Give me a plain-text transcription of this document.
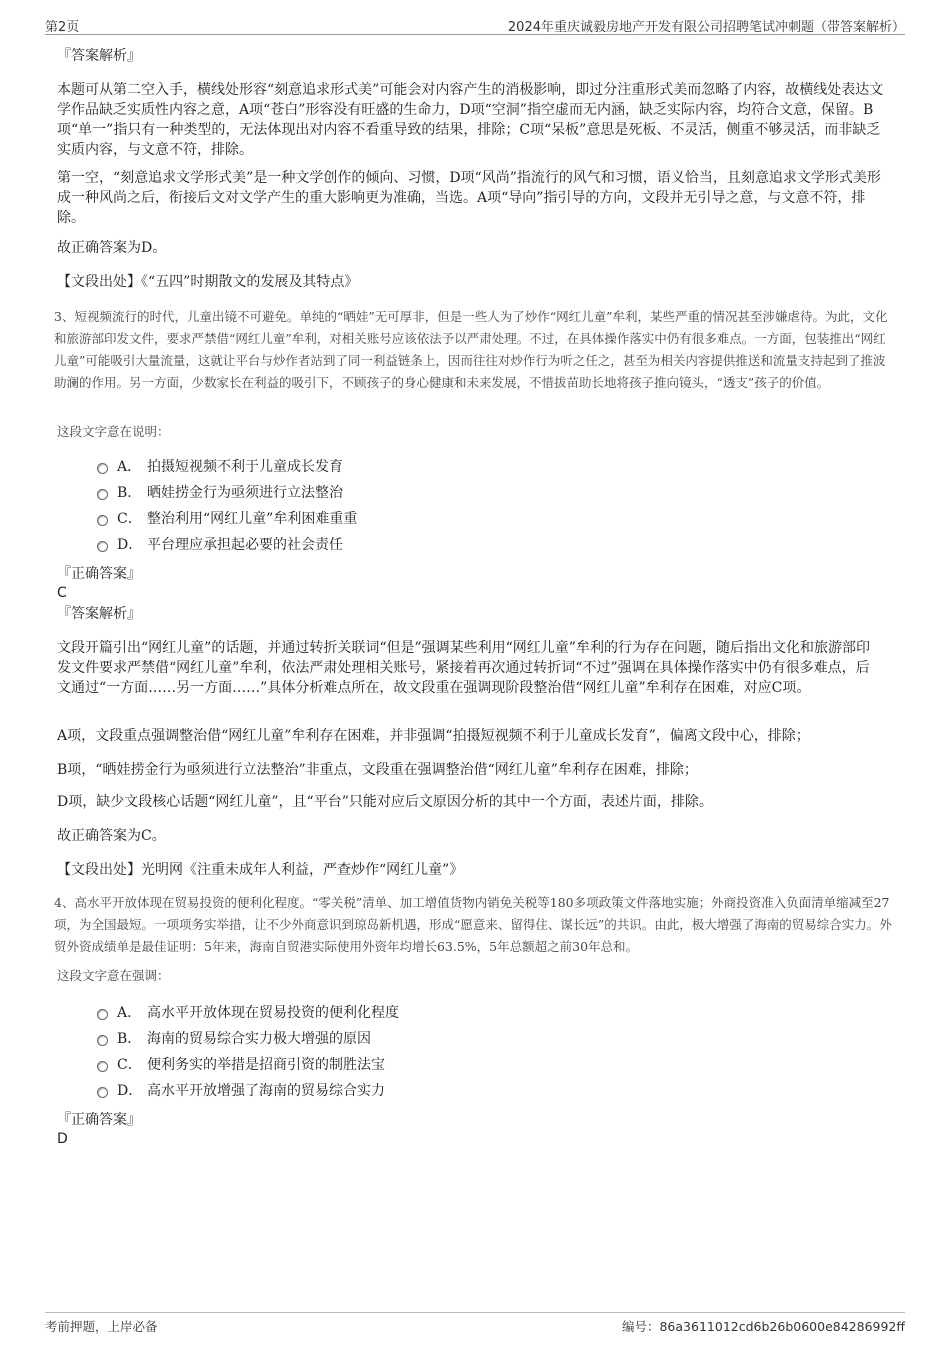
第2页	2024年重庆诚毅房地产开发有限公司招聘笔试冲刺题（带答案解析）

『答案解析』

本题可从第二空入手，横线处形容“刻意追求形式美”可能会对内容产生的消极影响，即过分注重形式美而忽略了内容，故横线处表达文学作品缺乏实质性内容之意，A项“苍白”形容没有旺盛的生命力，D项“空洞”指空虚而无内涵，缺乏实际内容，均符合文意，保留。B项“单一”指只有一种类型的，无法体现出对内容不看重导致的结果，排除；C项“呆板”意思是死板、不灵活，侧重不够灵活，而非缺乏实质内容，与文意不符，排除。

第一空，“刻意追求文学形式美”是一种文学创作的倾向、习惯，D项“风尚”指流行的风气和习惯，语义恰当，且刻意追求文学形式美形成一种风尚之后，衔接后文对文学产生的重大影响更为准确，当选。A项“导向”指引导的方向，文段并无引导之意，与文意不符，排除。

故正确答案为D。

【文段出处】《“五四”时期散文的发展及其特点》

3、短视频流行的时代，儿童出镜不可避免。单纯的“晒娃”无可厚非，但是一些人为了炒作“网红儿童”牟利，某些严重的情况甚至涉嫌虐待。为此，文化和旅游部印发文件，要求严禁借“网红儿童”牟利，对相关账号应该依法予以严肃处理。不过，在具体操作落实中仍有很多难点。一方面，包装推出“网红儿童”可能吸引大量流量，这就让平台与炒作者站到了同一利益链条上，因而往往对炒作行为听之任之，甚至为相关内容提供推送和流量支持起到了推波助澜的作用。另一方面，少数家长在利益的吸引下，不顾孩子的身心健康和未来发展，不惜拔苗助长地将孩子推向镜头，“透支”孩子的价值。

这段文字意在说明：

A． 拍摄短视频不利于儿童成长发育
B． 晒娃捞金行为亟须进行立法整治
C． 整治利用“网红儿童”牟利困难重重
D． 平台理应承担起必要的社会责任

『正确答案』

C

『答案解析』

文段开篇引出“网红儿童”的话题，并通过转折关联词“但是”强调某些利用“网红儿童”牟利的行为存在问题，随后指出文化和旅游部印发文件要求严禁借“网红儿童”牟利，依法严肃处理相关账号，紧接着再次通过转折词“不过”强调在具体操作落实中仍有很多难点，后文通过“一方面……另一方面……”具体分析难点所在，故文段重在强调现阶段整治借“网红儿童”牟利存在困难，对应C项。

A项，文段重点强调整治借“网红儿童”牟利存在困难，并非强调“拍摄短视频不利于儿童成长发育”，偏离文段中心，排除；

B项，“晒娃捞金行为亟须进行立法整治”非重点，文段重在强调整治借“网红儿童”牟利存在困难，排除；

D项，缺少文段核心话题“网红儿童”，且“平台”只能对应后文原因分析的其中一个方面，表述片面，排除。

故正确答案为C。

【文段出处】光明网《注重未成年人利益，严查炒作“网红儿童”》

4、高水平开放体现在贸易投资的便利化程度。“零关税”清单、加工增值货物内销免关税等180多项政策文件落地实施；外商投资准入负面清单缩减至27项，为全国最短。一项项务实举措，让不少外商意识到琼岛新机遇，形成“愿意来、留得住、谋长远”的共识。由此，极大增强了海南的贸易综合实力。外贸外资成绩单是最佳证明：5年来，海南自贸港实际使用外资年均增长63.5%，5年总额超之前30年总和。

这段文字意在强调：

A． 高水平开放体现在贸易投资的便利化程度
B． 海南的贸易综合实力极大增强的原因
C． 便利务实的举措是招商引资的制胜法宝
D． 高水平开放增强了海南的贸易综合实力

『正确答案』

D

考前押题，上岸必备	编号：86a3611012cd6b26b0600e84286992ff
